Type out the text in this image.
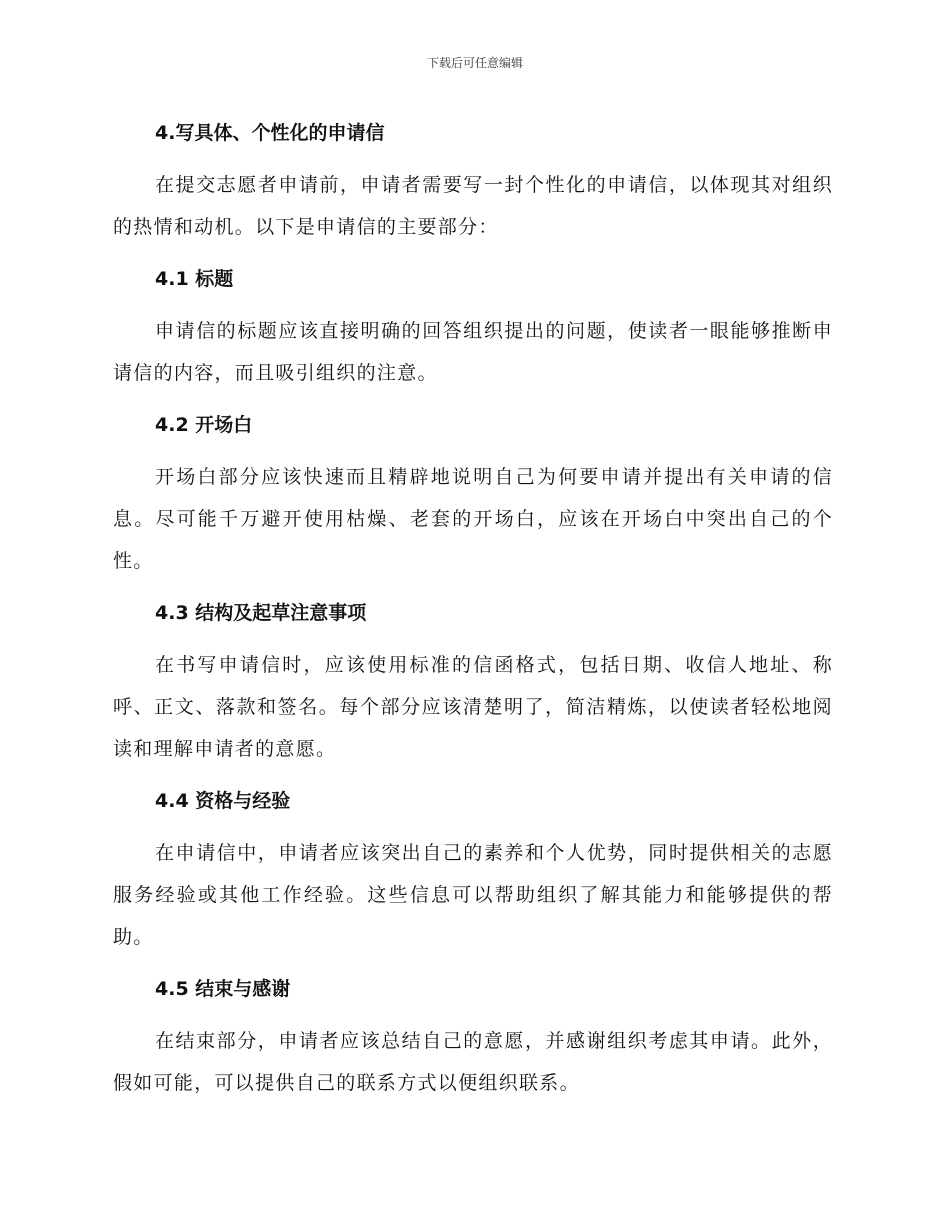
下载后可任意编辑
4.写具体、个性化的申请信

在提交志愿者申请前，申请者需要写一封个性化的申请信，以体现其对组织的热情和动机。以下是申请信的主要部分：

4.1 标题

申请信的标题应该直接明确的回答组织提出的问题，使读者一眼能够推断申请信的内容，而且吸引组织的注意。

4.2 开场白

开场白部分应该快速而且精辟地说明自己为何要申请并提出有关申请的信息。尽可能千万避开使用枯燥、老套的开场白，应该在开场白中突出自己的个性。

4.3 结构及起草注意事项

在书写申请信时，应该使用标准的信函格式，包括日期、收信人地址、称呼、正文、落款和签名。每个部分应该清楚明了，简洁精炼，以使读者轻松地阅读和理解申请者的意愿。

4.4 资格与经验

在申请信中，申请者应该突出自己的素养和个人优势，同时提供相关的志愿服务经验或其他工作经验。这些信息可以帮助组织了解其能力和能够提供的帮助。

4.5 结束与感谢

在结束部分，申请者应该总结自己的意愿，并感谢组织考虑其申请。此外，假如可能，可以提供自己的联系方式以便组织联系。
